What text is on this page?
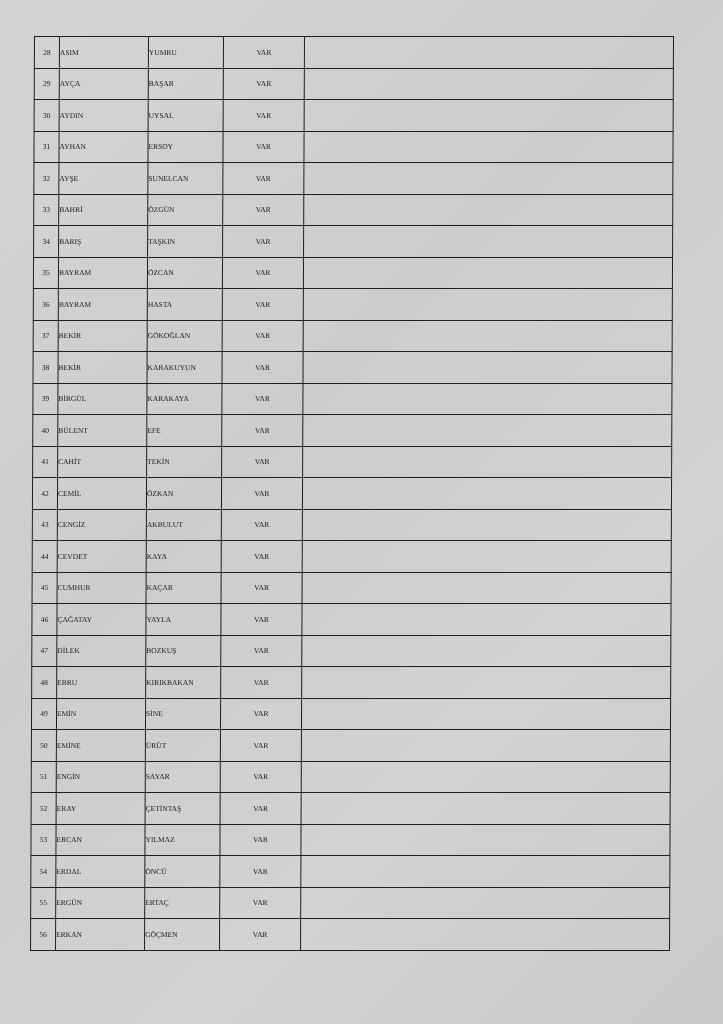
28	ASIM	YUMRU	VAR	
29	AYÇA	BAŞAR	VAR	
30	AYDIN	UYSAL	VAR	
31	AYHAN	ERSOY	VAR	
32	AYŞE	SUNELCAN	VAR	
33	BAHRİ	ÖZGÜN	VAR	
34	BARIŞ	TAŞKIN	VAR	
35	BAYRAM	ÖZCAN	VAR	
36	BAYRAM	HASTA	VAR	
37	BEKİR	GÖKOĞLAN	VAR	
38	BEKİR	KARAKUYUN	VAR	
39	BİRGÜL	KARAKAYA	VAR	
40	BÜLENT	EFE	VAR	
41	CAHİT	TEKİN	VAR	
42	CEMİL	ÖZKAN	VAR	
43	CENGİZ	AKBULUT	VAR	
44	CEVDET	KAYA	VAR	
45	CUMHUR	KAÇAR	VAR	
46	ÇAĞATAY	YAYLA	VAR	
47	DİLEK	BOZKUŞ	VAR	
48	EBRU	KIRIKBAKAN	VAR	
49	EMİN	SİNE	VAR	
50	EMİNE	ÜRÜT	VAR	
51	ENGİN	SAYAR	VAR	
52	ERAY	ÇETİNTAŞ	VAR	
53	ERCAN	YILMAZ	VAR	
54	ERDAL	ÖNCÜ	VAR	
55	ERGÜN	ERTAÇ	VAR	
56	ERKAN	GÖÇMEN	VAR	
